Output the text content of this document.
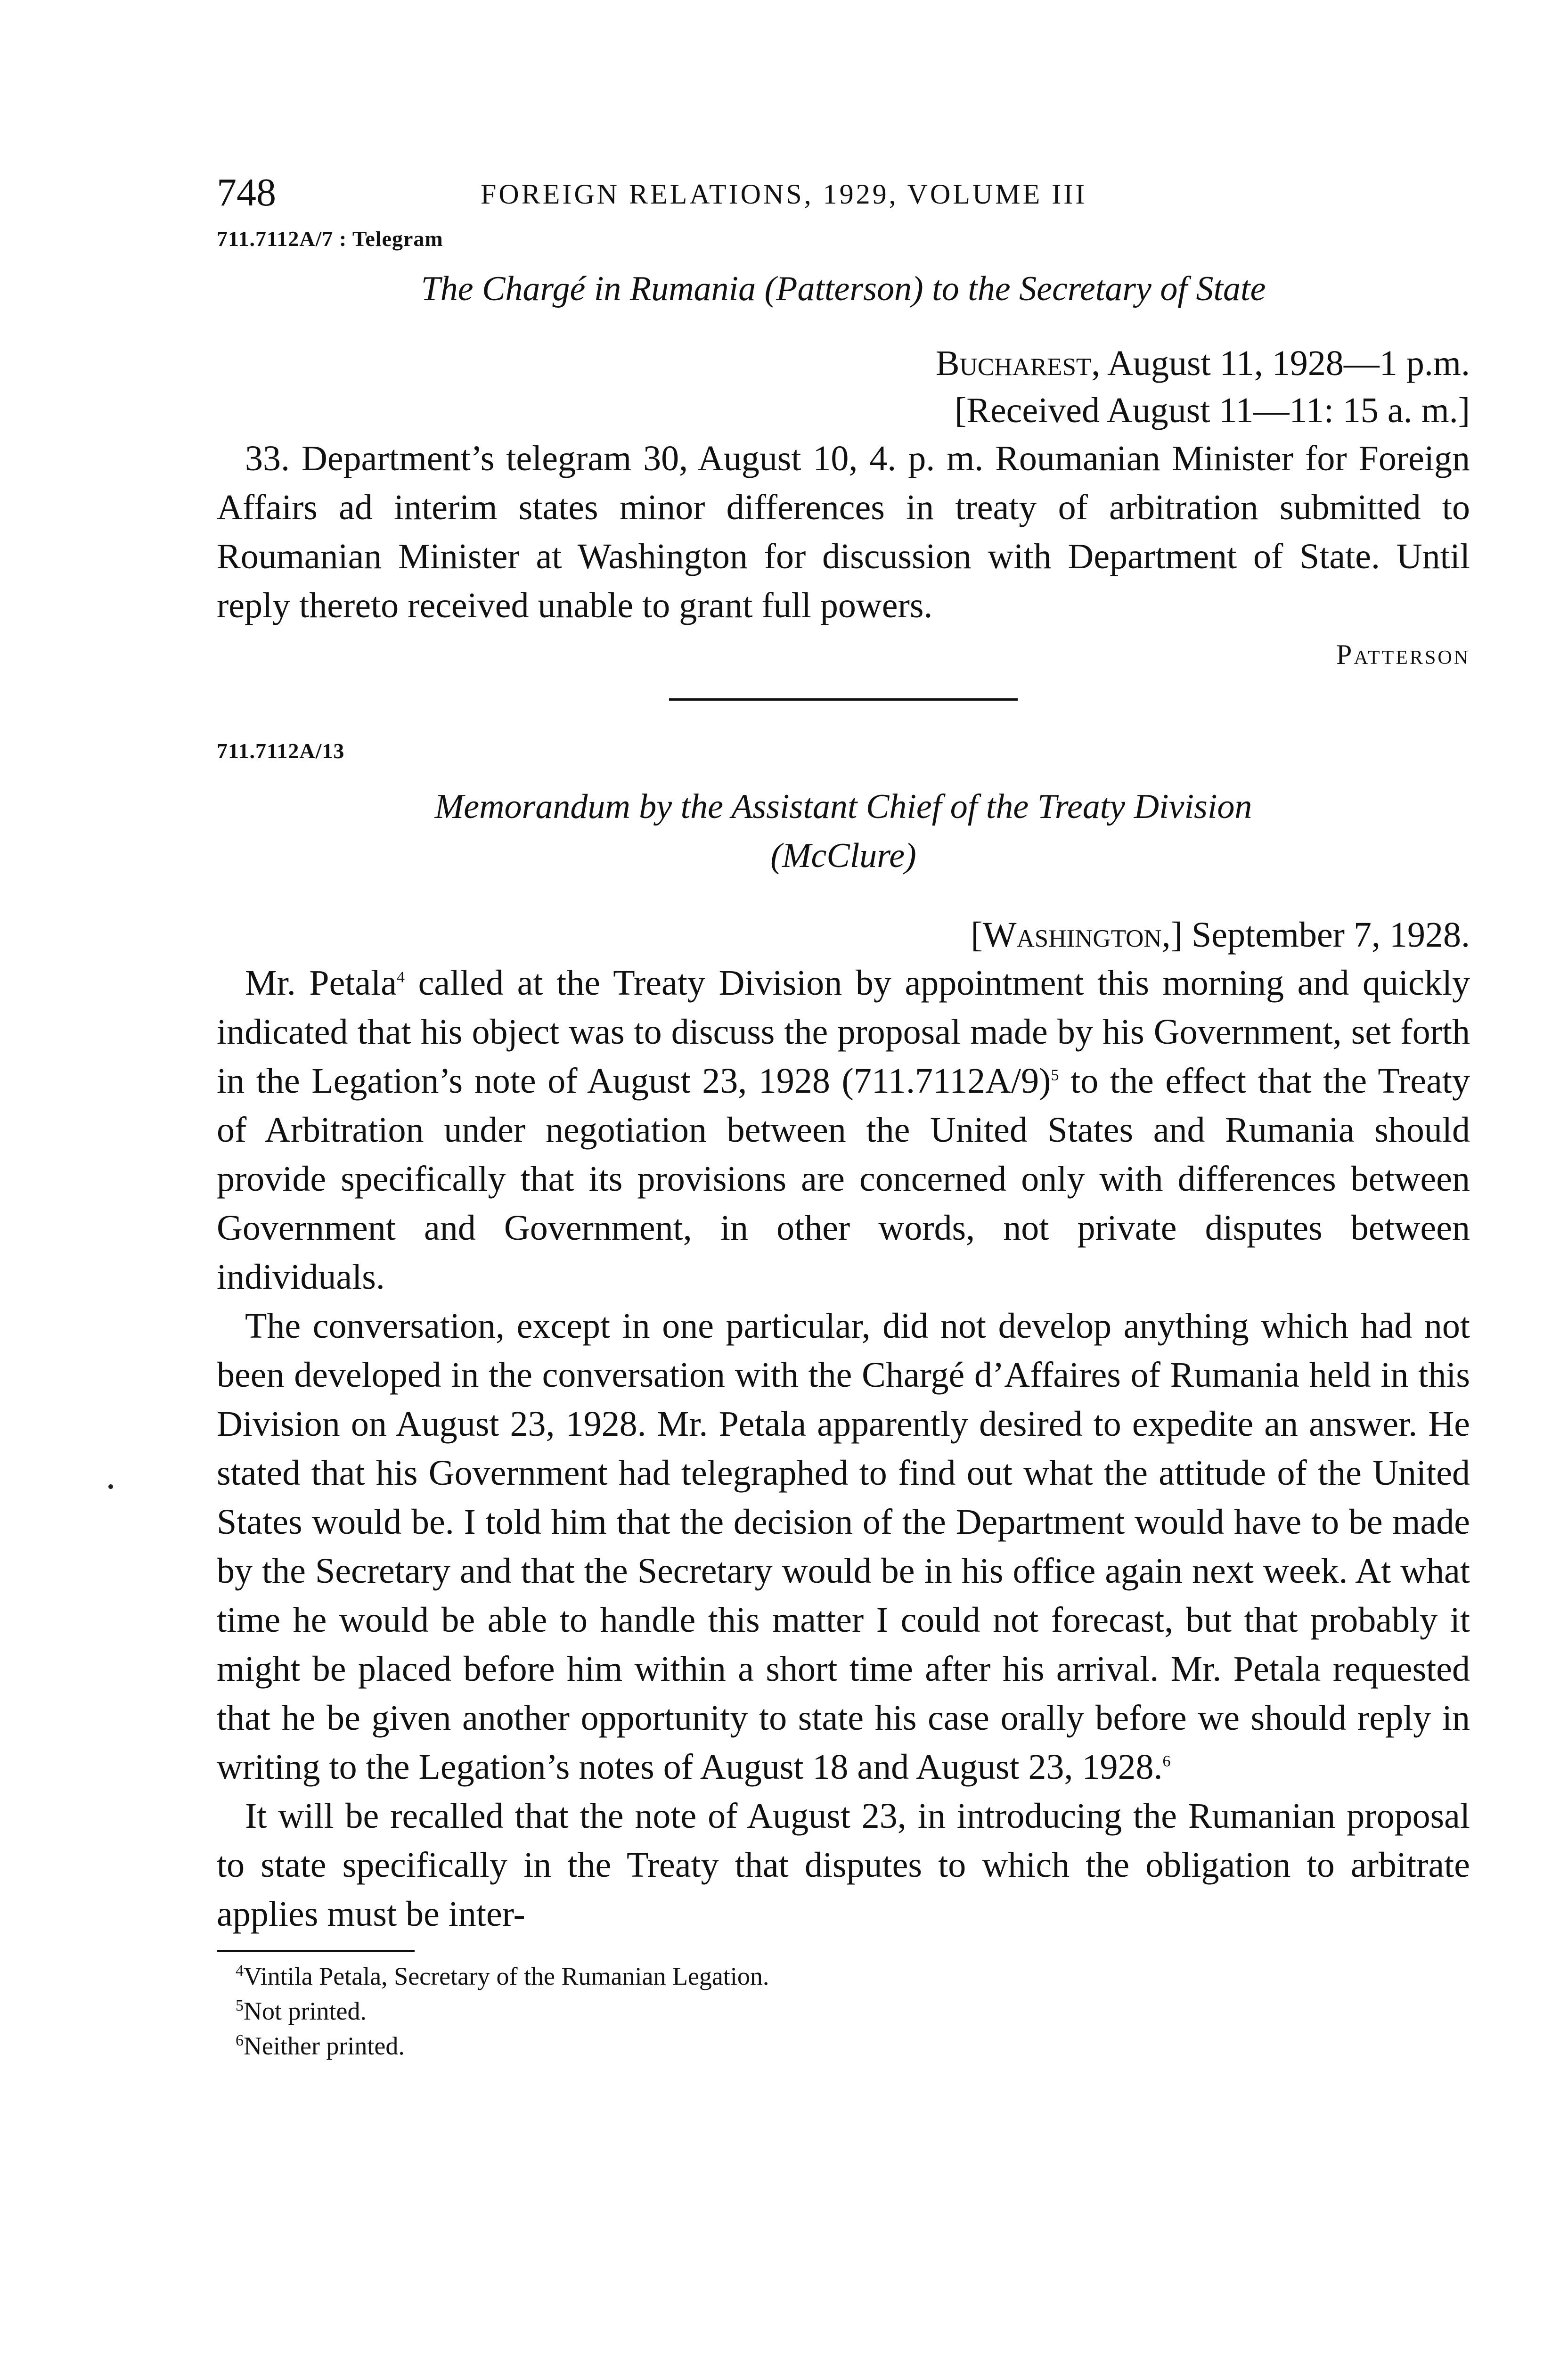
748	FOREIGN RELATIONS, 1929, VOLUME III

711.7112A/7 : Telegram

The Chargé in Rumania (Patterson) to the Secretary of State

Bucharest, August 11, 1928—1 p.m.

[Received August 11—11: 15 a. m.]

33. Department’s telegram 30, August 10, 4. p. m. Roumanian Minister for Foreign Affairs ad interim states minor differences in treaty of arbitration submitted to Roumanian Minister at Washington for discussion with Department of State. Until reply thereto received unable to grant full powers.

Patterson

711.7112A/13

Memorandum by the Assistant Chief of the Treaty Division

(McClure)

[Washington,] September 7, 1928.

Mr. Petala$^4$ called at the Treaty Division by appointment this morning and quickly indicated that his object was to discuss the proposal made by his Government, set forth in the Legation’s note of August 23, 1928 (711.7112A/9)$^5$ to the effect that the Treaty of Arbitration under negotiation between the United States and Rumania should provide specifically that its provisions are concerned only with differences between Government and Government, in other words, not private disputes between individuals.

The conversation, except in one particular, did not develop anything which had not been developed in the conversation with the Chargé d’Affaires of Rumania held in this Division on August 23, 1928. Mr. Petala apparently desired to expedite an answer. He stated that his Government had telegraphed to find out what the attitude of the United States would be. I told him that the decision of the Department would have to be made by the Secretary and that the Secretary would be in his office again next week. At what time he would be able to handle this matter I could not forecast, but that probably it might be placed before him within a short time after his arrival. Mr. Petala requested that he be given another opportunity to state his case orally before we should reply in writing to the Legation’s notes of August 18 and August 23, 1928.$^6$

It will be recalled that the note of August 23, in introducing the Rumanian proposal to state specifically in the Treaty that disputes to which the obligation to arbitrate applies must be inter-

$^4$Vintila Petala, Secretary of the Rumanian Legation.

$^5$Not printed.

$^6$Neither printed.
